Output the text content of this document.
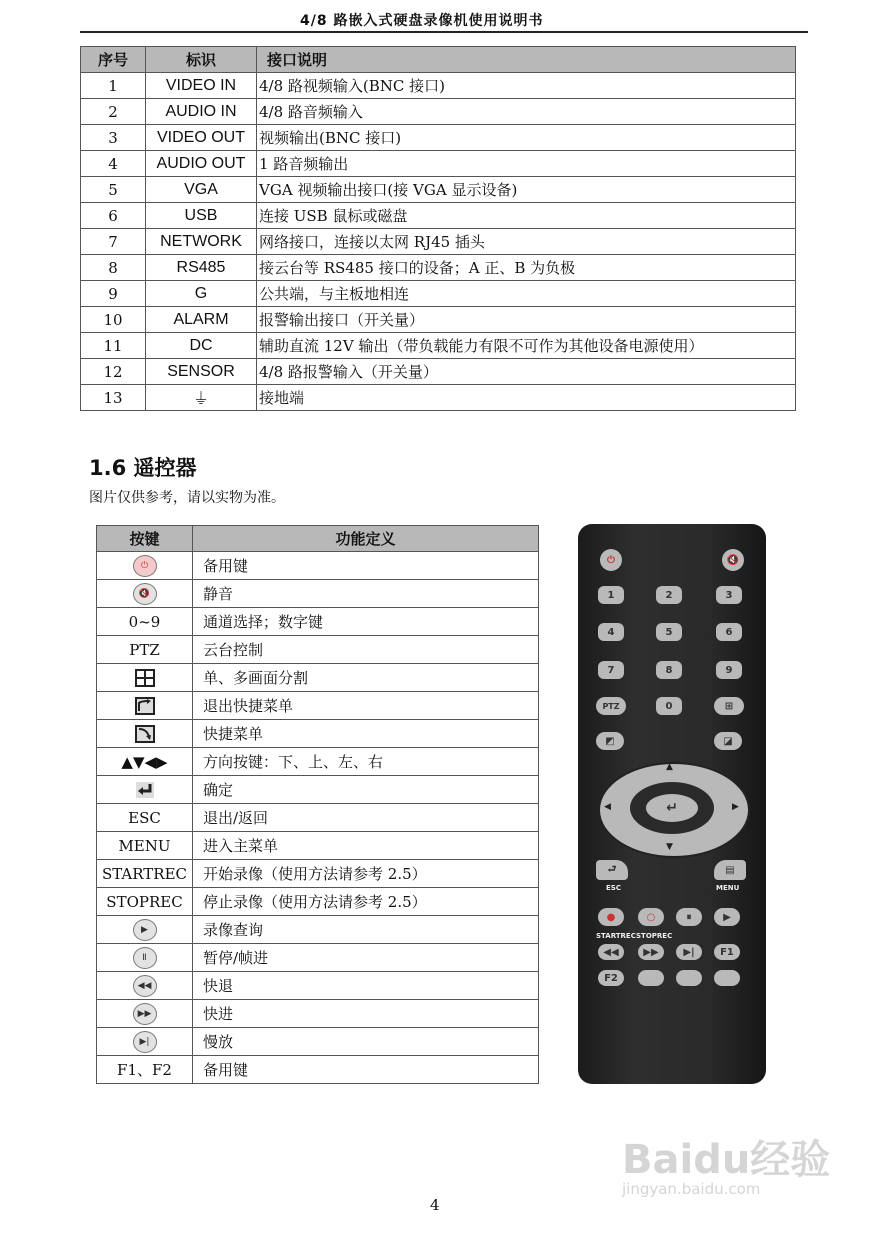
4/8 路嵌入式硬盘录像机使用说明书
序号	标识	接口说明
1	VIDEO IN	4/8 路视频输入(BNC 接口)
2	AUDIO IN	4/8 路音频输入
3	VIDEO OUT	视频输出(BNC 接口)
4	AUDIO OUT	1 路音频输出
5	VGA	VGA 视频输出接口(接 VGA 显示设备)
6	USB	连接 USB 鼠标或磁盘
7	NETWORK	网络接口，连接以太网 RJ45 插头
8	RS485	接云台等 RS485 接口的设备；A 正、B 为负极
9	G	公共端，与主板地相连
10	ALARM	报警输出接口（开关量）
11	DC	辅助直流 12V 输出（带负载能力有限不可作为其他设备电源使用）
12	SENSOR	4/8 路报警输入（开关量）
13	⏚	接地端
1.6 遥控器
图片仅供参考，请以实物为准。
按键	功能定义
⏻	备用键
🔇	静音
0~9	通道选择；数字键
PTZ	云台控制
	单、多画面分割
	退出快捷菜单
	快捷菜单
▲▼◀▶	方向按键：下、上、左、右
	确定
ESC	退出/返回
MENU	进入主菜单
STARTREC	开始录像（使用方法请参考 2.5）
STOPREC	停止录像（使用方法请参考 2.5）
▶	录像查询
Ⅱ	暂停/帧进
◀◀	快退
▶▶	快进
▶|	慢放
F1、F2	备用键
⏻	🔇
1	2	3
4	5	6
7	8	9
PTZ	0	⊞
◩	◪
↵
▲
▼
◀	▶
⮐
ESC
▤
MENU
●	○	⏸	▶
STARTREC STOPREC
◀◀	▶▶	▶|	F1
F2
Baidu经验
jingyan.baidu.com
4
